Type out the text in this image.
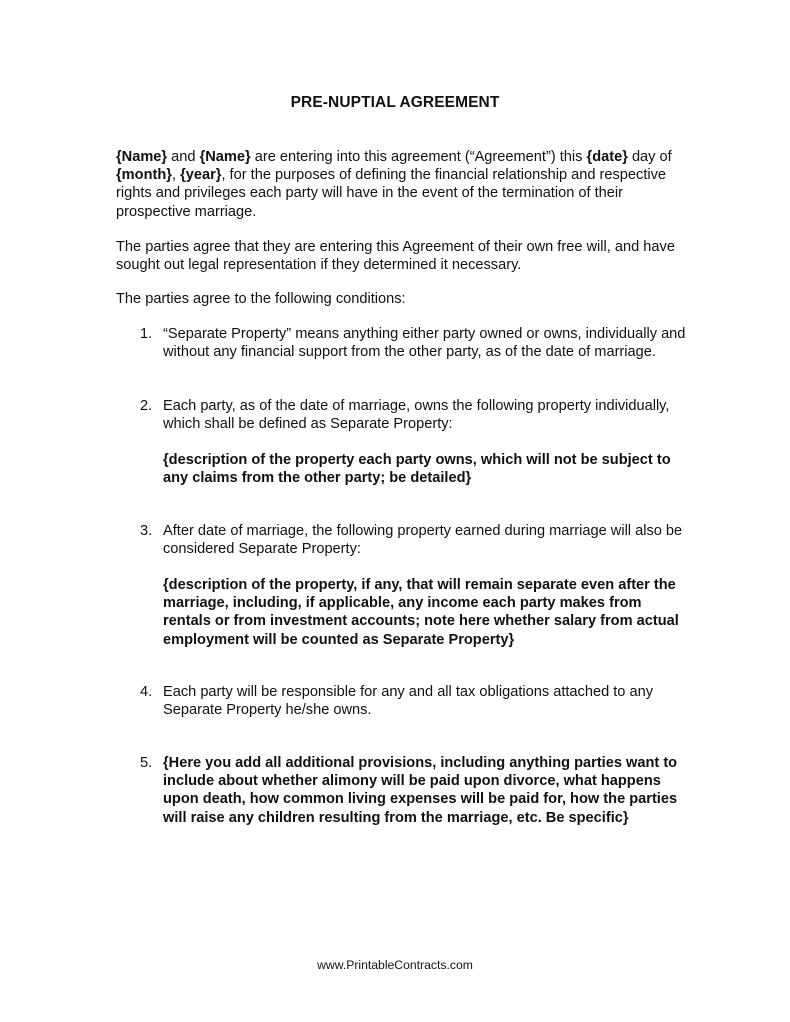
PRE-NUPTIAL AGREEMENT
{Name} and {Name} are entering into this agreement (“Agreement”) this {date} day of {month}, {year}, for the purposes of defining the financial relationship and respective rights and privileges each party will have in the event of the termination of their prospective marriage.
The parties agree that they are entering this Agreement of their own free will, and have sought out legal representation if they determined it necessary.
The parties agree to the following conditions:
1. “Separate Property” means anything either party owned or owns, individually and without any financial support from the other party, as of the date of marriage.
2. Each party, as of the date of marriage, owns the following property individually, which shall be defined as Separate Property:
{description of the property each party owns, which will not be subject to any claims from the other party; be detailed}
3. After date of marriage, the following property earned during marriage will also be considered Separate Property:
{description of the property, if any, that will remain separate even after the marriage, including, if applicable, any income each party makes from rentals or from investment accounts; note here whether salary from actual employment will be counted as Separate Property}
4. Each party will be responsible for any and all tax obligations attached to any Separate Property he/she owns.
5. {Here you add all additional provisions, including anything parties want to include about whether alimony will be paid upon divorce, what happens upon death, how common living expenses will be paid for, how the parties will raise any children resulting from the marriage, etc. Be specific}
www.PrintableContracts.com
